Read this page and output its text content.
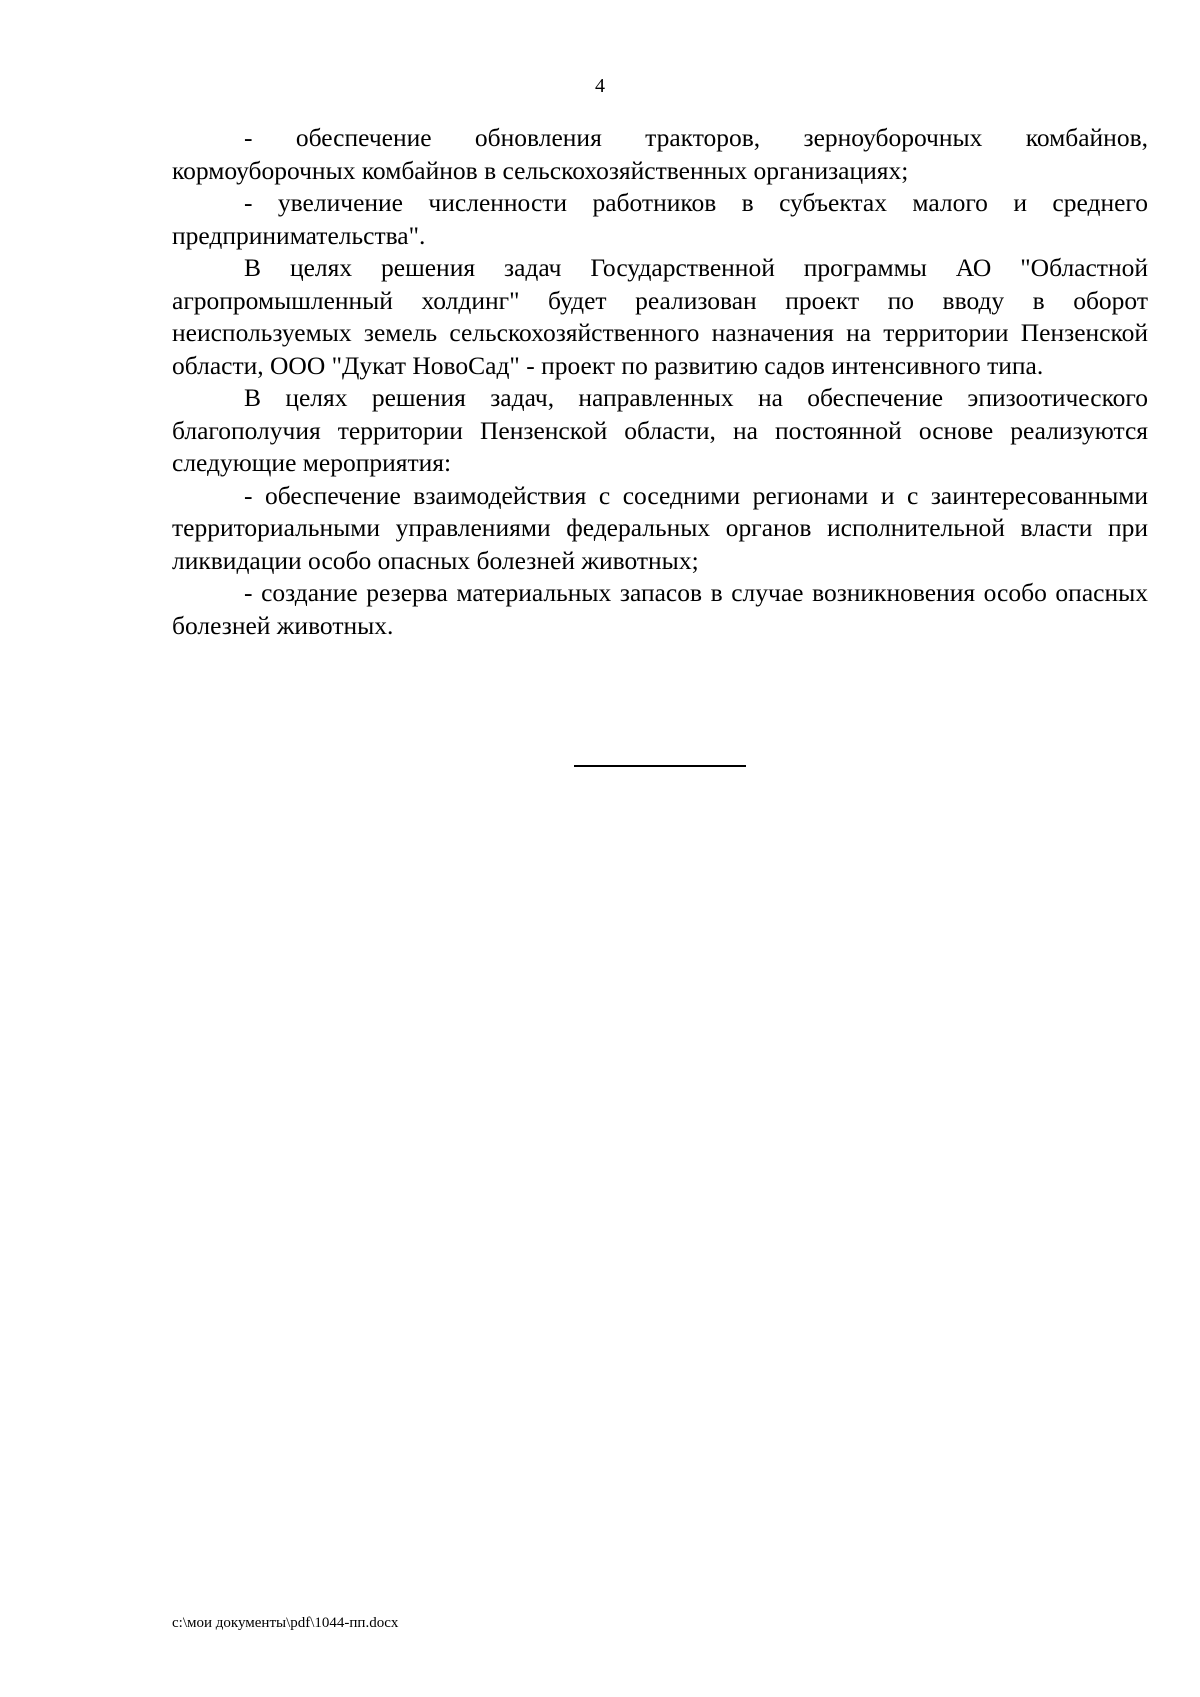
4

- обеспечение обновления тракторов, зерноуборочных комбайнов, кормоуборочных комбайнов в сельскохозяйственных организациях;

- увеличение численности работников в субъектах малого и среднего предпринимательства".

В целях решения задач Государственной программы АО "Областной агропромышленный холдинг" будет реализован проект по вводу в оборот неиспользуемых земель сельскохозяйственного назначения на территории Пензенской области, ООО "Дукат НовоСад" - проект по развитию садов интенсивного типа.

В целях решения задач, направленных на обеспечение эпизоотического благополучия территории Пензенской области, на постоянной основе реализуются следующие мероприятия:

- обеспечение взаимодействия с соседними регионами и с заинтересованными территориальными управлениями федеральных органов исполнительной власти при ликвидации особо опасных болезней животных;

- создание резерва материальных запасов в случае возникновения особо опасных болезней животных.

c:\мои документы\pdf\1044-пп.docx
